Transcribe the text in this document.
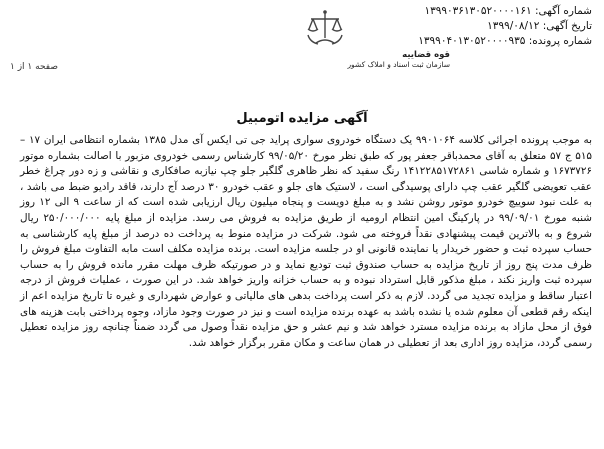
شماره آگهی: ۱۳۹۹۰۳۶۱۳۰۵۲۰۰۰۰۱۶۱
تاریخ آگهی: ۱۳۹۹/۰۸/۱۲
شماره پرونده: ۱۳۹۹۰۴۰۱۳۰۵۲۰۰۰۰۹۳۵
قوه قضاییه
سازمان ثبت اسناد و املاک کشور
صفحه ۱ از ۱
آگهی مزایده اتومبیل
به موجب پرونده اجرائی کلاسه ۹۹۰۱۰۶۴ یک دستگاه خودروی سواری پراید جی تی ایکس آی مدل ۱۳۸۵ بشماره انتظامی ایران ۱۷ – ۵۱۵ ج ۵۷ متعلق به آقای محمدباقر جعفر پور که طبق نظر مورخ ۹۹/۰۵/۲۰ کارشناس رسمی خودروی مزبور با اصالت بشماره موتور ۱۶۷۳۷۲۶ و شماره شاسی ۱۴۱۲۲۸۵۱۷۲۸۶۱ رنگ سفید که نظر ظاهری گلگیر جلو چپ نیازبه صافکاری و نقاشی و زه دور چراغ خطر عقب تعویضی گلگیر عقب چپ دارای پوسیدگی است ، لاستیک های جلو و عقب خودرو ۳۰ درصد آج دارند، قاقد رادیو ضبط می باشد ، به علت نبود سوییچ خودرو موتور روشن نشد و به مبلغ دویست و پنجاه میلیون ریال ارزیابی شده است که از ساعت ۹ الی ۱۲ روز شنبه مورخ ۹۹/۰۹/۰۱ در پارکینگ امین انتظام ارومیه از طریق مزایده به فروش می رسد. مزایده از مبلغ پایه ۲۵۰/۰۰۰/۰۰۰ ریال شروع و به بالاترین قیمت پیشنهادی نقداً فروخته می شود. شرکت در مزایده منوط به پرداخت ده درصد از مبلغ پایه کارشناسی به حساب سپرده ثبت و حضور خریدار یا نماینده قانونی او در جلسه مزایده است. برنده مزایده مکلف است مابه التفاوت مبلغ فروش را ظرف مدت پنج روز از تاریخ مزایده به حساب صندوق ثبت تودیع نماید و در صورتیکه ظرف مهلت مقرر مانده فروش را به حساب سپرده ثبت واریز نکند ، مبلغ مذکور قابل استرداد نبوده و به حساب خزانه واریز خواهد شد. در این صورت ، عملیات فروش از درجه اعتبار ساقط و مزایده تجدید می گردد. لازم به ذکر است پرداخت بدهی های مالیاتی و عوارض شهرداری و غیره تا تاریخ مزایده اعم از اینکه رقم قطعی آن معلوم شده یا نشده باشد به عهده برنده مزایده است و نیز در صورت وجود مازاد، وجوه پرداختی بابت هزینه های فوق از محل مازاد به برنده مزایده مسترد خواهد شد و نیم عشر و حق مزایده نقداً وصول می گردد ضمناً چنانچه روز مزایده تعطیل رسمی گردد، مزایده روز اداری بعد از تعطیلی در همان ساعت و مکان مقرر برگزار خواهد شد.
